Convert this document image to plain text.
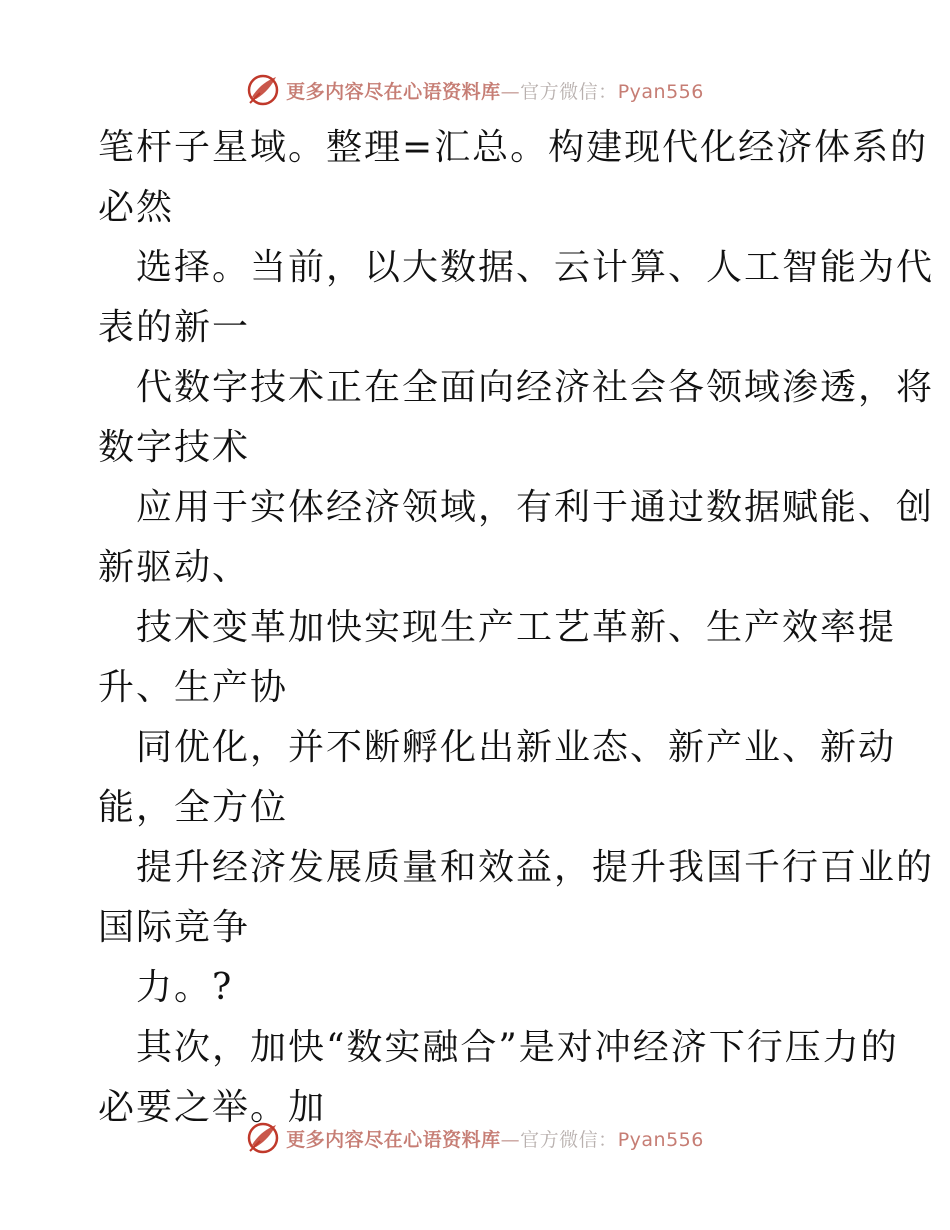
更多内容尽在心语资料库—官方微信：Pyan556

笔杆子星域。整理=汇总。构建现代化经济体系的

必然

选择。当前，以大数据、云计算、人工智能为代

表的新一

代数字技术正在全面向经济社会各领域渗透，将

数字技术

应用于实体经济领域，有利于通过数据赋能、创

新驱动、

技术变革加快实现生产工艺革新、生产效率提

升、生产协

同优化，并不断孵化出新业态、新产业、新动

能，全方位

提升经济发展质量和效益，提升我国千行百业的

国际竞争

力。?

其次，加快“数实融合”是对冲经济下行压力的

必要之举。加

更多内容尽在心语资料库—官方微信：Pyan556
